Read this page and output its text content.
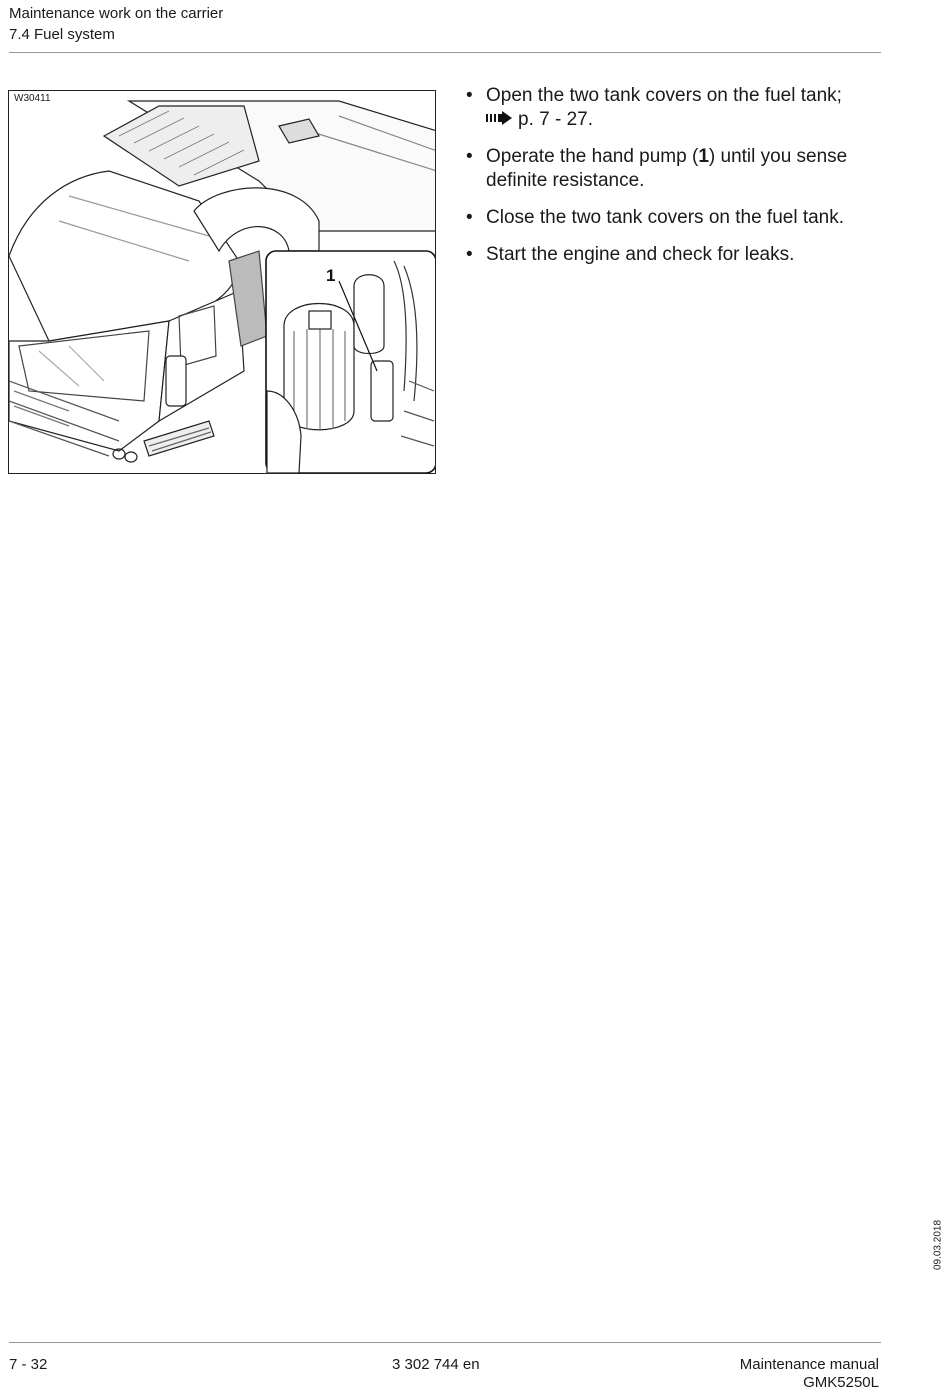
Maintenance work on the carrier
7.4 Fuel system
W30411
1
• Open the two tank covers on the fuel tank;
p. 7 - 27.
• Operate the hand pump (1) until you sense definite resistance.
• Close the two tank covers on the fuel tank.
• Start the engine and check for leaks.
09.03.2018
7 - 32	3 302 744 en	Maintenance manual
GMK5250L
